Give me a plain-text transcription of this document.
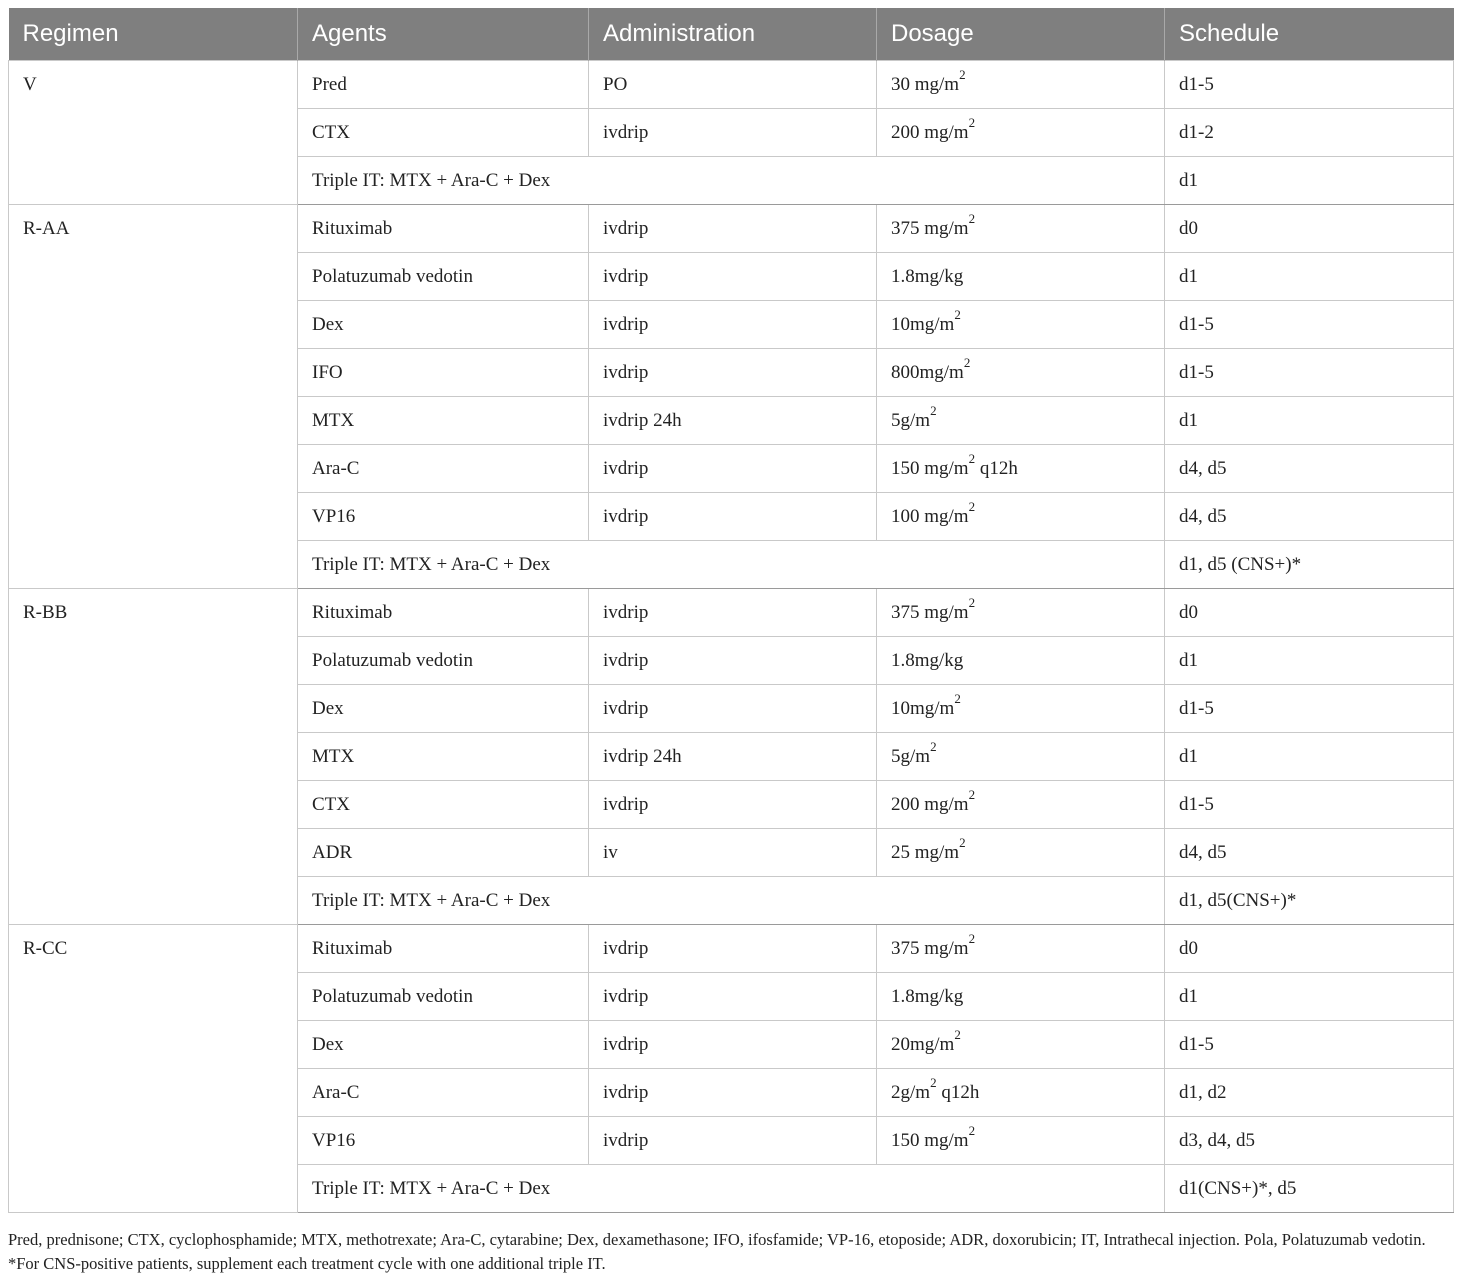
Regimen	Agents	Administration	Dosage	Schedule
V	Pred	PO	30 $mg/m^2$	d1-5
	CTX	ivdrip	200 $mg/m^2$	d1-2
	Triple IT: MTX + Ara-C + Dex			d1
R-AA	Rituximab	ivdrip	375 $mg/m^2$	d0
	Polatuzumab vedotin	ivdrip	1.8mg/kg	d1
	Dex	ivdrip	$10mg/m^2$	d1-5
	IFO	ivdrip	$800mg/m^2$	d1-5
	MTX	ivdrip 24h	$5g/m^2$	d1
	Ara-C	ivdrip	150 $mg/m^2$ q12h	d4, d5
	VP16	ivdrip	100 $mg/m^2$	d4, d5
	Triple IT: MTX + Ara-C + Dex			d1, d5 (CNS+)*
R-BB	Rituximab	ivdrip	375 $mg/m^2$	d0
	Polatuzumab vedotin	ivdrip	1.8mg/kg	d1
	Dex	ivdrip	$10mg/m^2$	d1-5
	MTX	ivdrip 24h	$5g/m^2$	d1
	CTX	ivdrip	200 $mg/m^2$	d1-5
	ADR	iv	25 $mg/m^2$	d4, d5
	Triple IT: MTX + Ara-C + Dex			d1, d5(CNS+)*
R-CC	Rituximab	ivdrip	375 $mg/m^2$	d0
	Polatuzumab vedotin	ivdrip	1.8mg/kg	d1
	Dex	ivdrip	$20mg/m^2$	d1-5
	Ara-C	ivdrip	$2g/m^2$ q12h	d1, d2
	VP16	ivdrip	150 $mg/m^2$	d3, d4, d5
	Triple IT: MTX + Ara-C + Dex			d1(CNS+)*, d5
Pred, prednisone; CTX, cyclophosphamide; MTX, methotrexate; Ara-C, cytarabine; Dex, dexamethasone; IFO, ifosfamide; VP-16, etoposide; ADR, doxorubicin; IT, Intrathecal injection. Pola, Polatuzumab vedotin. *For CNS-positive patients, supplement each treatment cycle with one additional triple IT.
